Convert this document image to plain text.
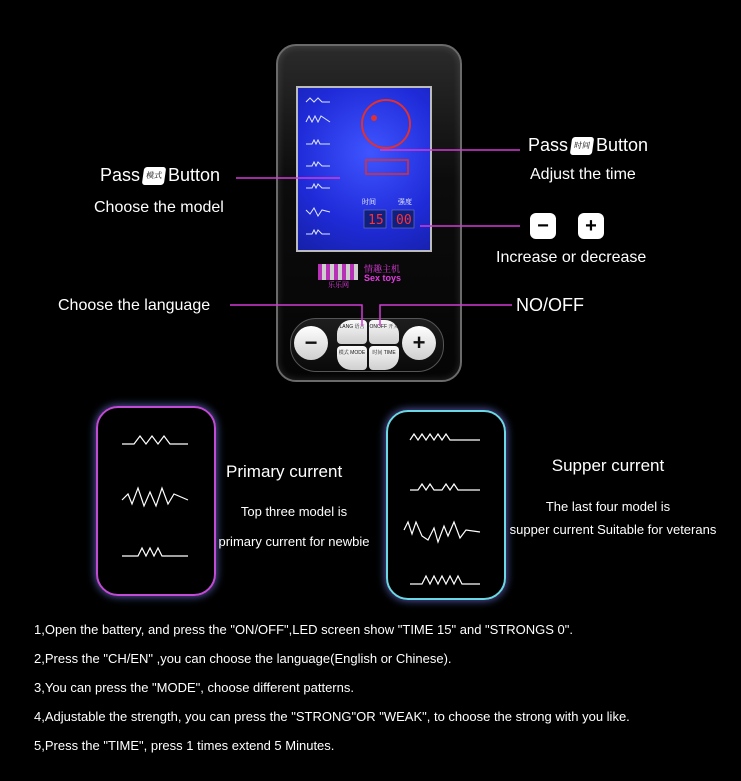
15 00
时间	强度
情趣主机
Sex toys
乐乐网
−	+
LANG 语言	ONOFF 开关
模式 MODE	时间 TIME
Pass 模式 Button
Choose the model
Choose the language
Pass 时间 Button
Adjust the time
−	+
Increase or decrease
NO/OFF
Primary current
Top three model is
primary current for newbie
Supper current
The last four model is
supper current Suitable for veterans
1,Open the battery, and press the "ON/OFF",LED screen show "TIME 15" and "STRONGS 0".
2,Press the "CH/EN" ,you can choose the language(English or Chinese).
3,You can press the "MODE", choose different patterns.
4,Adjustable the strength, you can press the "STRONG"OR "WEAK", to choose the strong with you like.
5,Press the "TIME", press 1 times extend 5 Minutes.
